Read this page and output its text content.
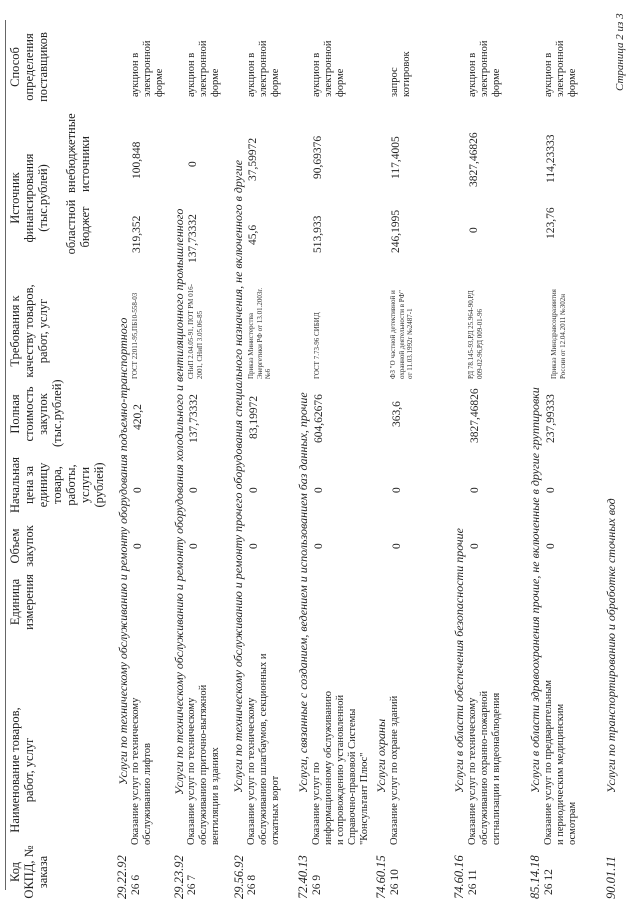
Код ОКПД, № заказа
Наименование товаров, работ, услуг
Единица измерения
Объем закупок
Начальная цена за единицу товара, работы, услуги (рублей)
Полная стоимость закупок (тыс.рублей)
Требования к качеству товаров, работ, услуг
Источник финансирования (тыс.рублей) областной бюджет
внебюджетные источники
Способ определения поставщиков
Услуги по техническому обслуживанию и ремонту оборудования подъемно-транспортного
29.22.92 26 6
Оказание услуг по техническому обслуживанию лифтов
0
0
420,2
ГОСТ 22011-95,ПБ10-558-03
319,352
100,848
аукцион в электронной форме
Услуги по техническому обслуживанию и ремонту оборудования холодильного и вентиляционного промышленного
29.23.92 26 7
Оказание услуг по техническому обслуживанию приточно-вытяжной вентиляции в зданиях
0
0
137,73332
СНиП 2.04.05-91, ПОТ РМ 016-2001, СНиП 3.05.06-85
137,73332
0
аукцион в электронной форме
Услуги по техническому обслуживанию и ремонту прочего оборудования специального назначения, не включенного в другие
29.56.92 26 8
Оказание услуг по техническому обслуживанию шлагбаумов, секционных и откатных ворот
0
0
83,19972
Приказ Министерства Энергетики РФ от 13.01.2003г. №6
45,6
37,59972
аукцион в электронной форме
Услуги, связанные с созданием, ведением и использованием баз данных, прочие
72.40.13 26 9
Оказание услуг по информационному обслуживанию и сопровождению установленной Справочно-правовой Системы "Консультант Плюс"
0
0
604,62676
ГОСТ 7.73-96 СИБИД
513,933
90,69376
аукцион в электронной форме
Услуги охраны
74.60.15 26 10
Оказание услуг по охране зданий
0
0
363,6
ФЗ "О частной детективной и охранной деятельности в РФ" от 11.03.1992г №2487-1
246,1995
117,4005
запрос котировок
Услуги в области обеспечения безопасности прочие
74.60.16 26 11
Оказание услуг по техническому обслуживанию охранно-пожарной сигнализации и видеонаблюдения
0
0
3827,46826
РД 78.145-93,РД 25.964-90,РД 009-02-96,РД 009-01-96
0
3827,46826
аукцион в электронной форме
Услуги в области здравоохранения прочие, не включенные в другие группировки
85.14.18 26 12
Оказание услуг по предварительным и периодическим медицинским осмотрам
0
0
237,99333
Приказ Минздравсоцразвития России от 12.04.2011 №302н
123,76
114,23333
аукцион в электронной форме
90.01.11
Услуги по транспортированию и обработке сточных вод
Страница 2 из 3
